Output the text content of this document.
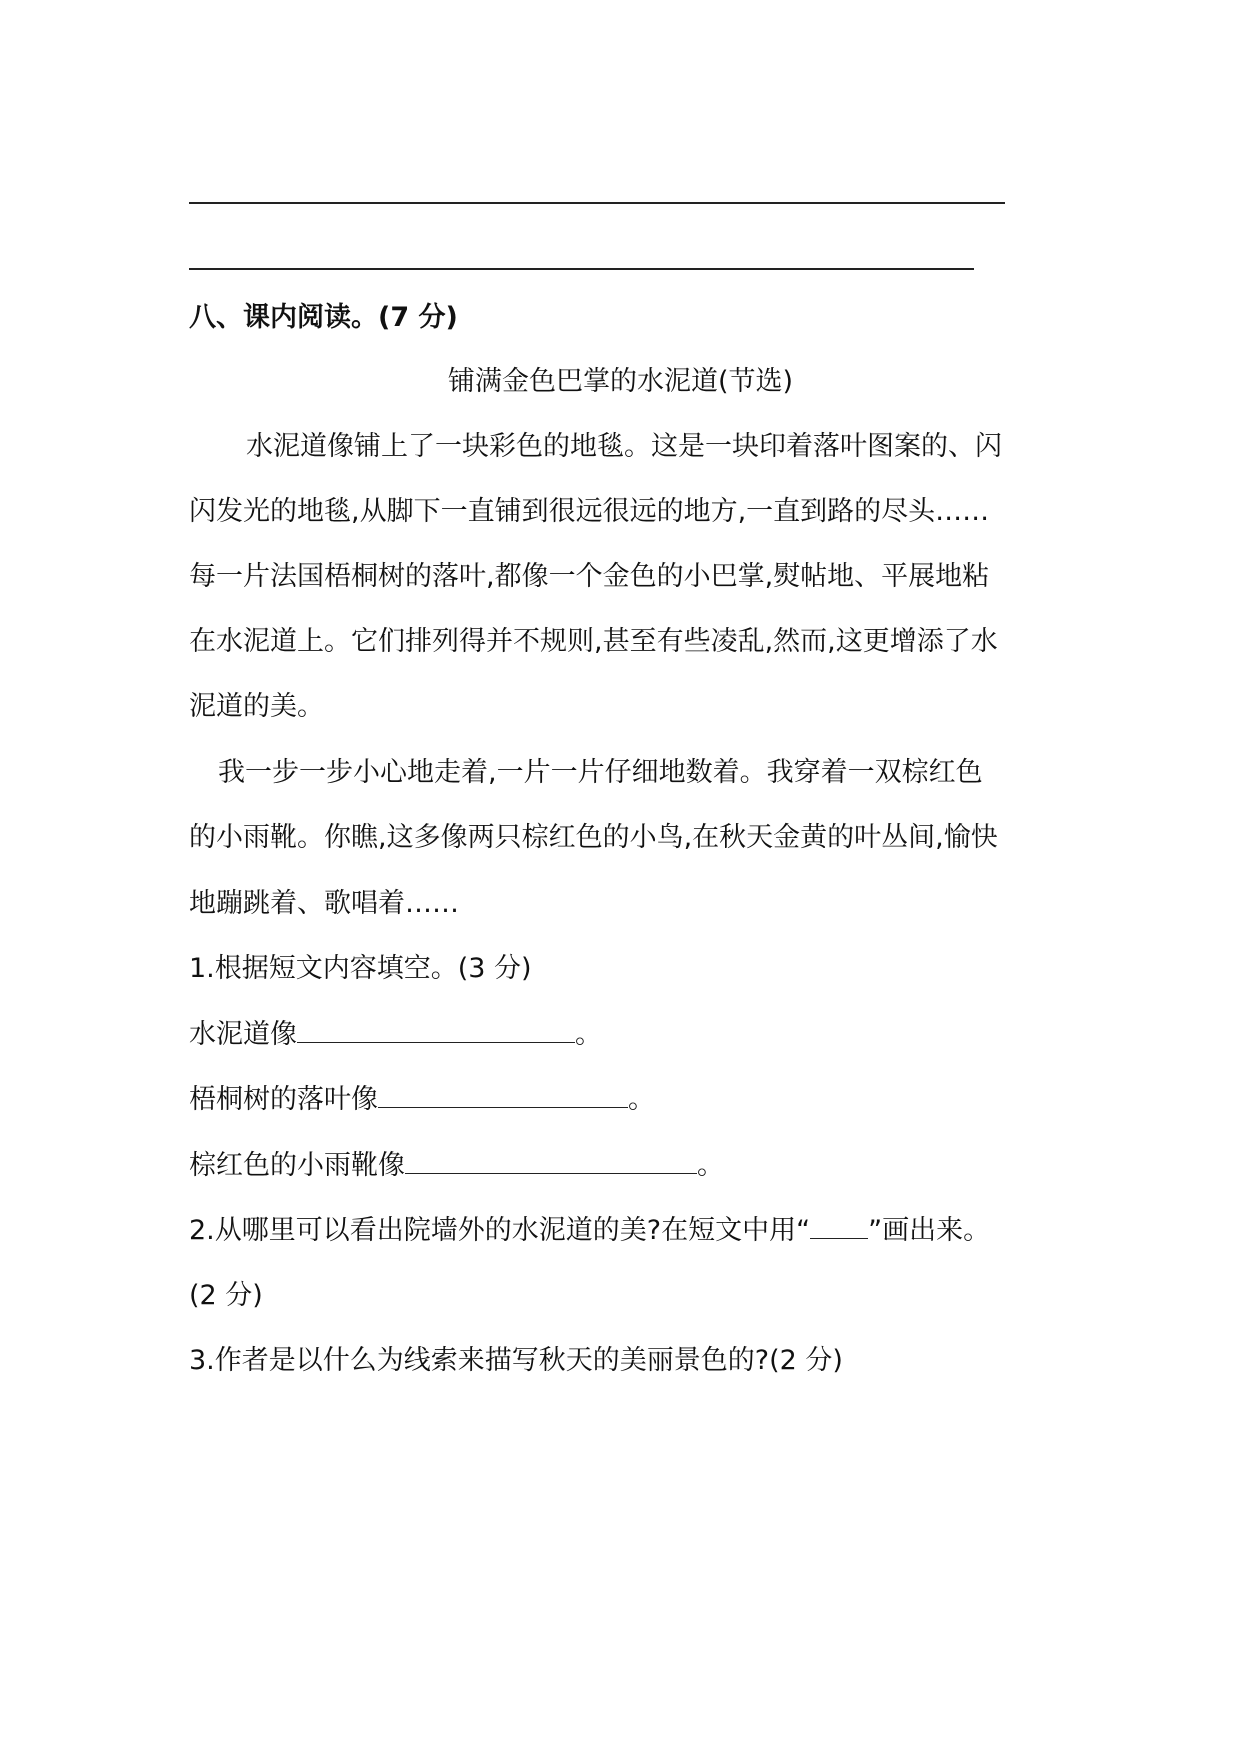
八、课内阅读。(7 分)
铺满金色巴掌的水泥道(节选)
水泥道像铺上了一块彩色的地毯。这是一块印着落叶图案的、闪
闪发光的地毯,从脚下一直铺到很远很远的地方,一直到路的尽头……
每一片法国梧桐树的落叶,都像一个金色的小巴掌,熨帖地、平展地粘
在水泥道上。它们排列得并不规则,甚至有些凌乱,然而,这更增添了水
泥道的美。
我一步一步小心地走着,一片一片仔细地数着。我穿着一双棕红色
的小雨靴。你瞧,这多像两只棕红色的小鸟,在秋天金黄的叶丛间,愉快
地蹦跳着、歌唱着……
1.根据短文内容填空。(3 分)
水泥道像	。
梧桐树的落叶像	。
棕红色的小雨靴像	。
2.从哪里可以看出院墙外的水泥道的美?在短文中用“ ”画出来。
(2 分)
3.作者是以什么为线索来描写秋天的美丽景色的?(2 分)
